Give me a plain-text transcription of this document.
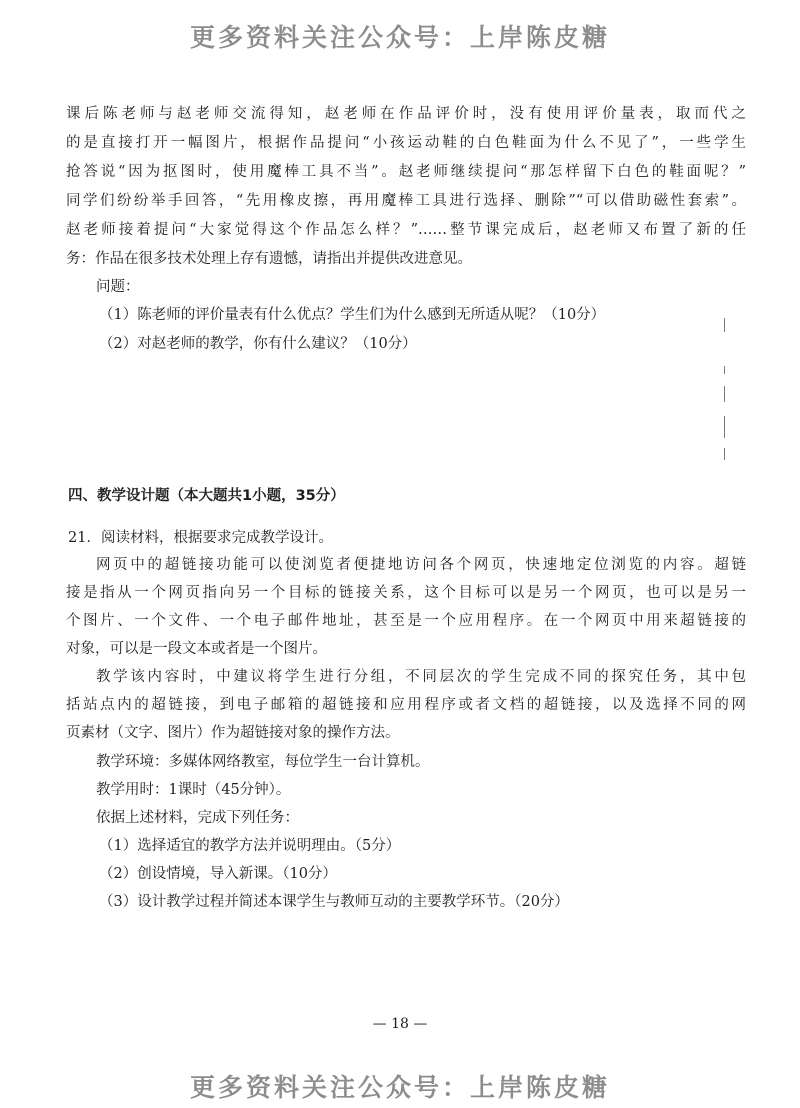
更多资料关注公众号：上岸陈皮糖
课后陈老师与赵老师交流得知，赵老师在作品评价时，没有使用评价量表，取而代之
的是直接打开一幅图片，根据作品提问“小孩运动鞋的白色鞋面为什么不见了”，一些学生
抢答说“因为抠图时，使用魔棒工具不当”。赵老师继续提问“那怎样留下白色的鞋面呢？”
同学们纷纷举手回答，“先用橡皮擦，再用魔棒工具进行选择、删除”“可以借助磁性套索”。
赵老师接着提问“大家觉得这个作品怎么样？”……整节课完成后，赵老师又布置了新的任
务：作品在很多技术处理上存有遗憾，请指出并提供改进意见。
问题：
（1）陈老师的评价量表有什么优点？学生们为什么感到无所适从呢？（10分）
（2）对赵老师的教学，你有什么建议？（10分）
四、教学设计题（本大题共1小题，35分）
21．阅读材料，根据要求完成教学设计。
网页中的超链接功能可以使浏览者便捷地访问各个网页，快速地定位浏览的内容。超链
接是指从一个网页指向另一个目标的链接关系，这个目标可以是另一个网页，也可以是另一
个图片、一个文件、一个电子邮件地址，甚至是一个应用程序。在一个网页中用来超链接的
对象，可以是一段文本或者是一个图片。
教学该内容时，中建议将学生进行分组，不同层次的学生完成不同的探究任务，其中包
括站点内的超链接，到电子邮箱的超链接和应用程序或者文档的超链接，以及选择不同的网
页素材（文字、图片）作为超链接对象的操作方法。
教学环境：多媒体网络教室，每位学生一台计算机。
教学用时：1课时（45分钟）。
依据上述材料，完成下列任务：
（1）选择适宜的教学方法并说明理由。（5分）
（2）创设情境，导入新课。（10分）
（3）设计教学过程并简述本课学生与教师互动的主要教学环节。（20分）
— 18 —
更多资料关注公众号：上岸陈皮糖
